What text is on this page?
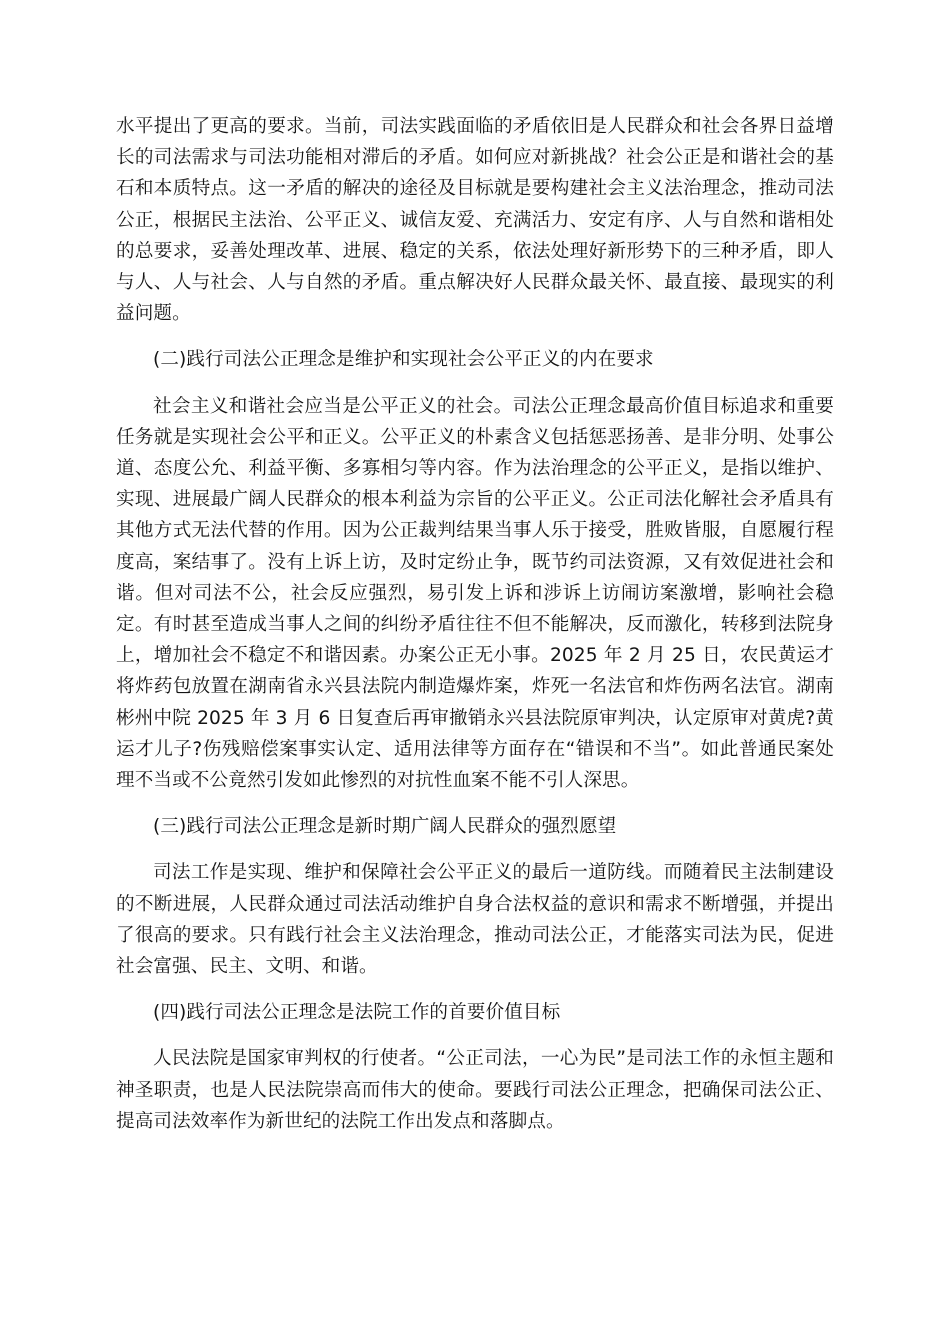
水平提出了更高的要求。当前，司法实践面临的矛盾依旧是人民群众和社会各界日益增长的司法需求与司法功能相对滞后的矛盾。如何应对新挑战？社会公正是和谐社会的基石和本质特点。这一矛盾的解决的途径及目标就是要构建社会主义法治理念，推动司法公正，根据民主法治、公平正义、诚信友爱、充满活力、安定有序、人与自然和谐相处的总要求，妥善处理改革、进展、稳定的关系，依法处理好新形势下的三种矛盾，即人与人、人与社会、人与自然的矛盾。重点解决好人民群众最关怀、最直接、最现实的利益问题。

(二)践行司法公正理念是维护和实现社会公平正义的内在要求

社会主义和谐社会应当是公平正义的社会。司法公正理念最高价值目标追求和重要任务就是实现社会公平和正义。公平正义的朴素含义包括惩恶扬善、是非分明、处事公道、态度公允、利益平衡、多寡相匀等内容。作为法治理念的公平正义，是指以维护、实现、进展最广阔人民群众的根本利益为宗旨的公平正义。公正司法化解社会矛盾具有其他方式无法代替的作用。因为公正裁判结果当事人乐于接受，胜败皆服，自愿履行程度高，案结事了。没有上诉上访，及时定纷止争，既节约司法资源，又有效促进社会和谐。但对司法不公，社会反应强烈，易引发上诉和涉诉上访闹访案激增，影响社会稳定。有时甚至造成当事人之间的纠纷矛盾往往不但不能解决，反而激化，转移到法院身上，增加社会不稳定不和谐因素。办案公正无小事。2025 年 2 月 25 日，农民黄运才将炸药包放置在湖南省永兴县法院内制造爆炸案，炸死一名法官和炸伤两名法官。湖南彬州中院 2025 年 3 月 6 日复查后再审撤销永兴县法院原审判决，认定原审对黄虎?黄运才儿子?伤残赔偿案事实认定、适用法律等方面存在“错误和不当”。如此普通民案处理不当或不公竟然引发如此惨烈的对抗性血案不能不引人深思。

(三)践行司法公正理念是新时期广阔人民群众的强烈愿望

司法工作是实现、维护和保障社会公平正义的最后一道防线。而随着民主法制建设的不断进展，人民群众通过司法活动维护自身合法权益的意识和需求不断增强，并提出了很高的要求。只有践行社会主义法治理念，推动司法公正，才能落实司法为民，促进社会富强、民主、文明、和谐。

(四)践行司法公正理念是法院工作的首要价值目标

人民法院是国家审判权的行使者。“公正司法，一心为民”是司法工作的永恒主题和神圣职责，也是人民法院崇高而伟大的使命。要践行司法公正理念，把确保司法公正、提高司法效率作为新世纪的法院工作出发点和落脚点。
